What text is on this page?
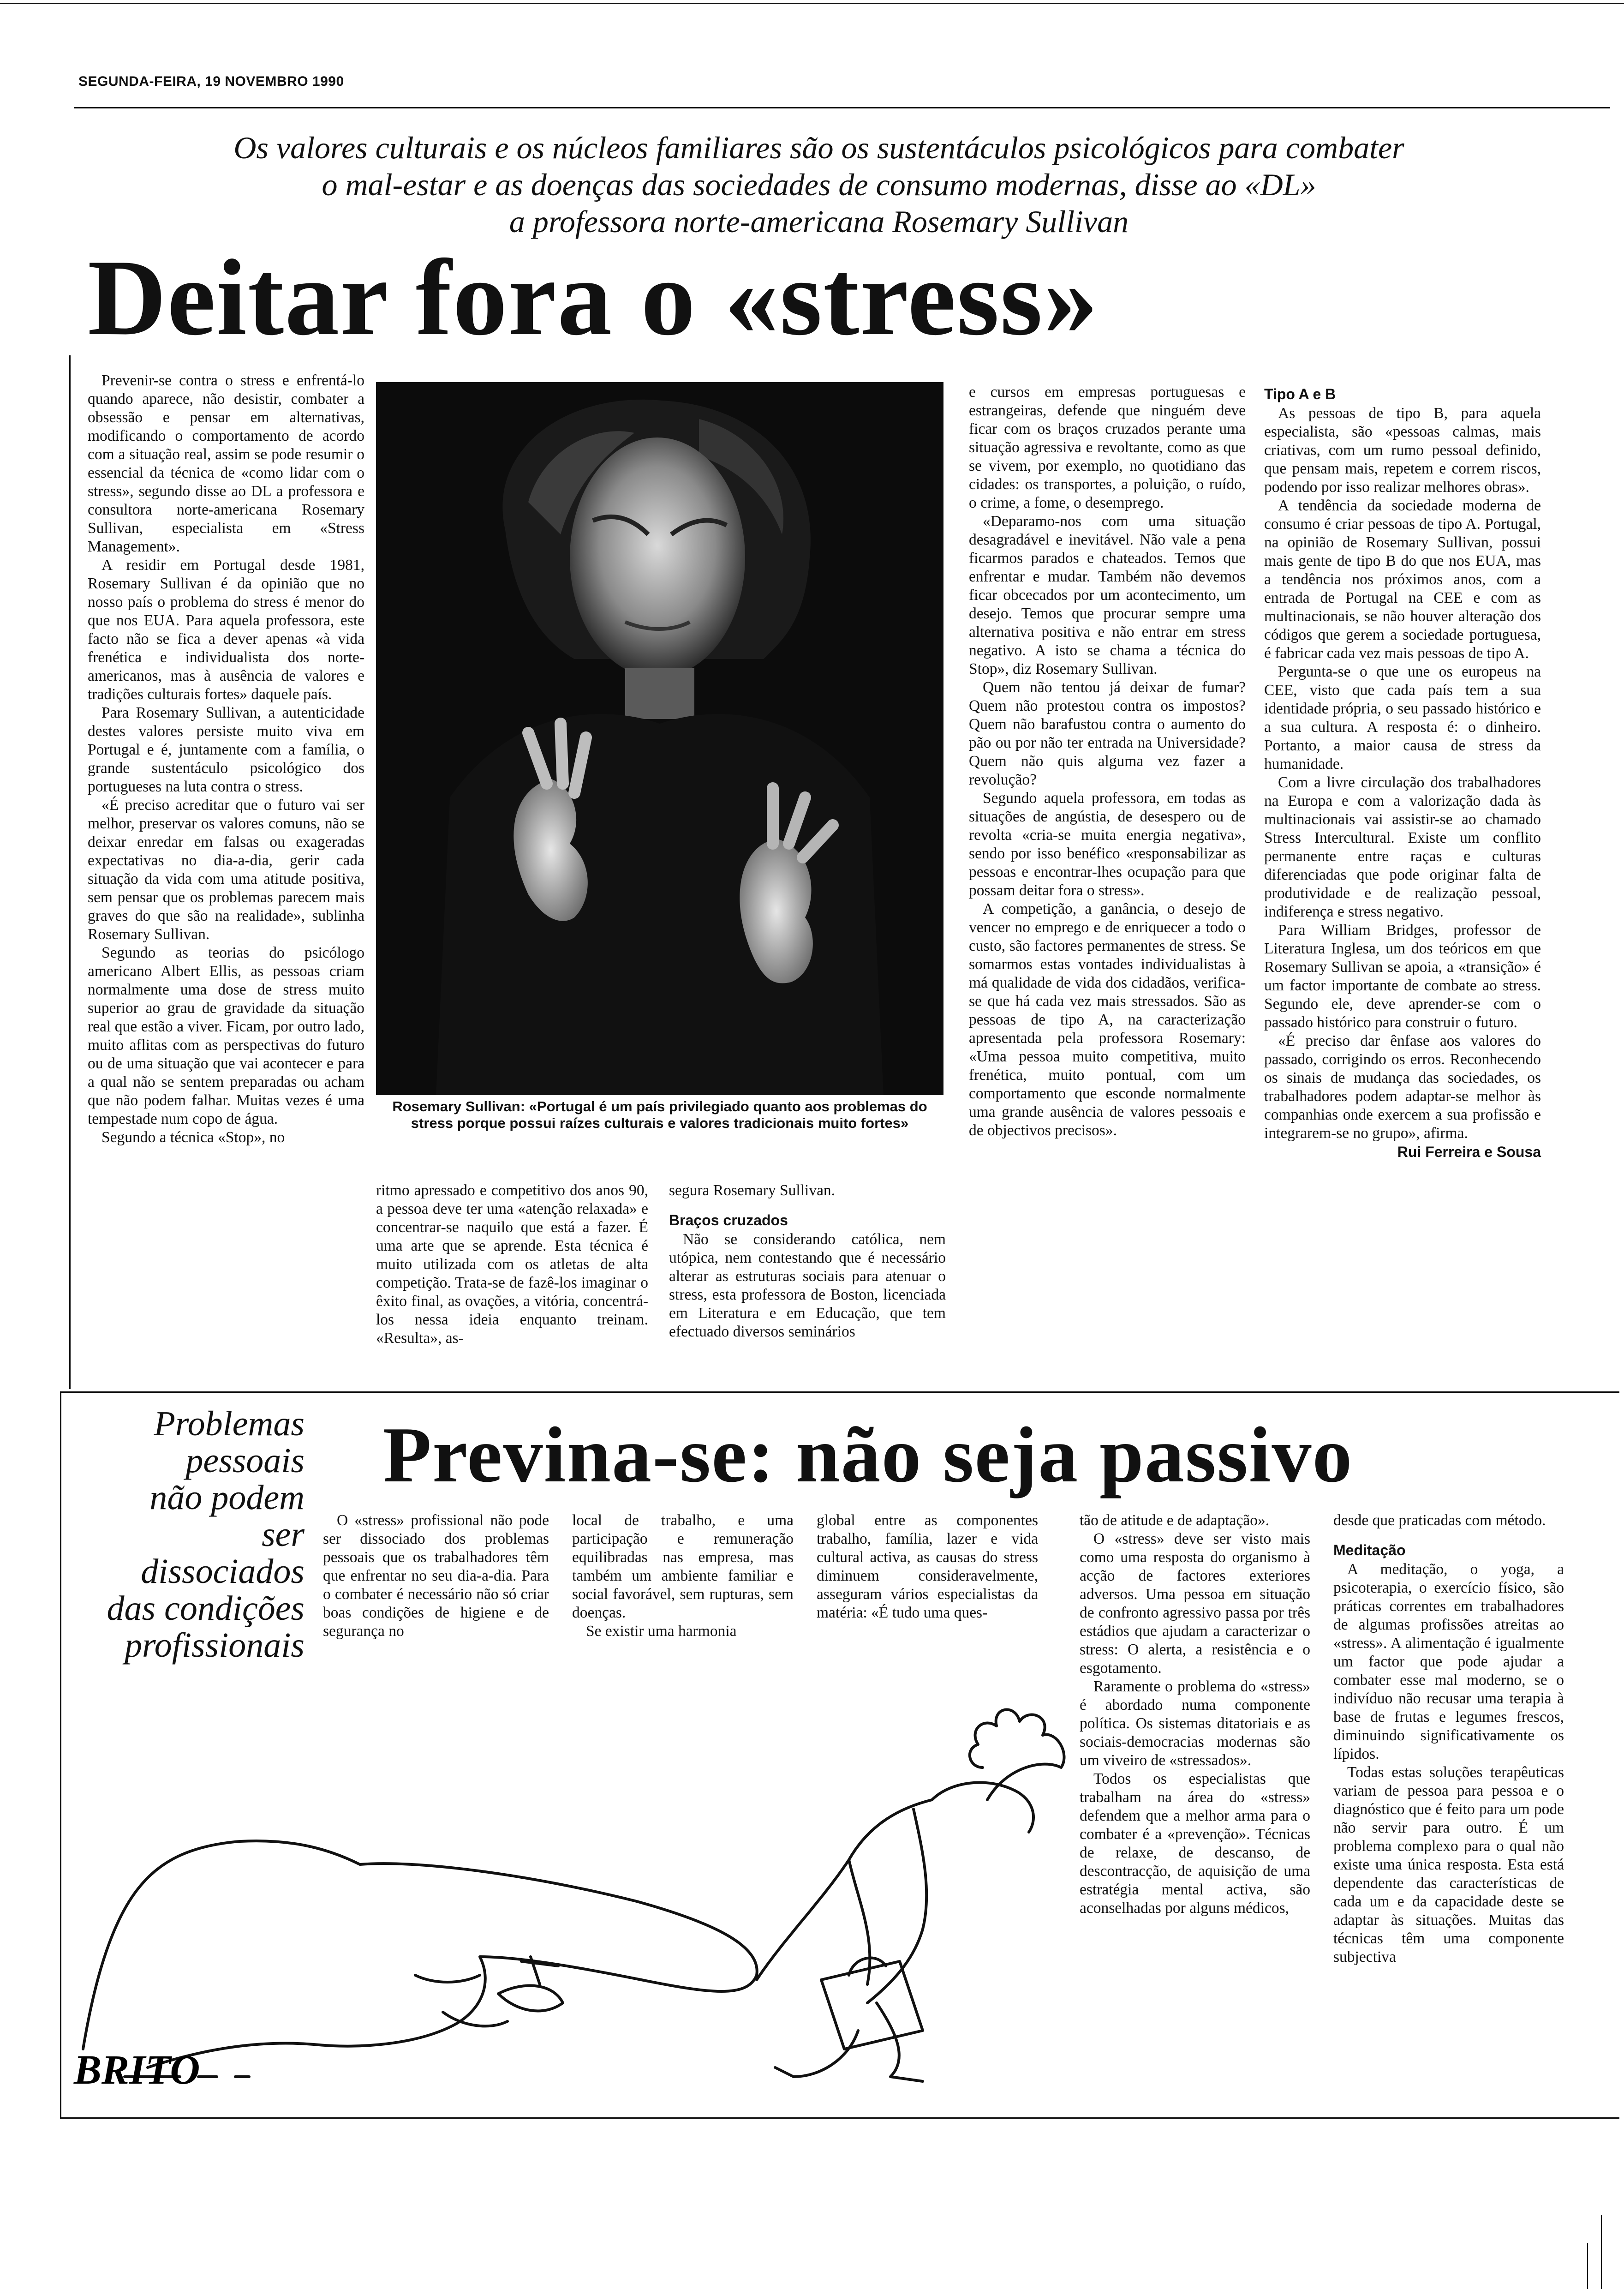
SEGUNDA-FEIRA, 19 NOVEMBRO 1990
Os valores culturais e os núcleos familiares são os sustentáculos psicológicos para combater
o mal-estar e as doenças das sociedades de consumo modernas, disse ao «DL»
a professora norte-americana Rosemary Sullivan
Deitar fora o «stress»

Prevenir-se contra o stress e enfrentá-lo quando aparece, não desistir, combater a obsessão e pensar em alternativas, modificando o comportamento de acordo com a situação real, assim se pode resumir o essencial da técnica de «como lidar com o stress», segundo disse ao DL a professora e consultora norte-americana Rosemary Sullivan, especialista em «Stress Management».

A residir em Portugal desde 1981, Rosemary Sullivan é da opinião que no nosso país o problema do stress é menor do que nos EUA. Para aquela professora, este facto não se fica a dever apenas «à vida frenética e individualista dos norte-americanos, mas à ausência de valores e tradições culturais fortes» daquele país.

Para Rosemary Sullivan, a autenticidade destes valores persiste muito viva em Portugal e é, juntamente com a família, o grande sustentáculo psicológico dos portugueses na luta contra o stress.

«É preciso acreditar que o futuro vai ser melhor, preservar os valores comuns, não se deixar enredar em falsas ou exageradas expectativas no dia-a-dia, gerir cada situação da vida com uma atitude positiva, sem pensar que os problemas parecem mais graves do que são na realidade», sublinha Rosemary Sullivan.

Segundo as teorias do psicólogo americano Albert Ellis, as pessoas criam normalmente uma dose de stress muito superior ao grau de gravidade da situação real que estão a viver. Ficam, por outro lado, muito aflitas com as perspectivas do futuro ou de uma situação que vai acontecer e para a qual não se sentem preparadas ou acham que não podem falhar. Muitas vezes é uma tempestade num copo de água.

Segundo a técnica «Stop», no

Rosemary Sullivan: «Portugal é um país privilegiado quanto aos problemas do stress porque possui raízes culturais e valores tradicionais muito fortes»

ritmo apressado e competitivo dos anos 90, a pessoa deve ter uma «atenção relaxada» e concentrar-se naquilo que está a fazer. É uma arte que se aprende. Esta técnica é muito utilizada com os atletas de alta competição. Trata-se de fazê-los imaginar o êxito final, as ovações, a vitória, concentrá-los nessa ideia enquanto treinam. «Resulta», as-

segura Rosemary Sullivan.

Braços cruzados

Não se considerando católica, nem utópica, nem contestando que é necessário alterar as estruturas sociais para atenuar o stress, esta professora de Boston, licenciada em Literatura e em Educação, que tem efectuado diversos seminários

e cursos em empresas portuguesas e estrangeiras, defende que ninguém deve ficar com os braços cruzados perante uma situação agressiva e revoltante, como as que se vivem, por exemplo, no quotidiano das cidades: os transportes, a poluição, o ruído, o crime, a fome, o desemprego.

«Deparamo-nos com uma situação desagradável e inevitável. Não vale a pena ficarmos parados e chateados. Temos que enfrentar e mudar. Também não devemos ficar obcecados por um acontecimento, um desejo. Temos que procurar sempre uma alternativa positiva e não entrar em stress negativo. A isto se chama a técnica do Stop», diz Rosemary Sullivan.

Quem não tentou já deixar de fumar? Quem não protestou contra os impostos? Quem não barafustou contra o aumento do pão ou por não ter entrada na Universidade? Quem não quis alguma vez fazer a revolução?

Segundo aquela professora, em todas as situações de angústia, de desespero ou de revolta «cria-se muita energia negativa», sendo por isso benéfico «responsabilizar as pessoas e encontrar-lhes ocupação para que possam deitar fora o stress».

A competição, a ganância, o desejo de vencer no emprego e de enriquecer a todo o custo, são factores permanentes de stress. Se somarmos estas vontades individualistas à má qualidade de vida dos cidadãos, verifica-se que há cada vez mais stressados. São as pessoas de tipo A, na caracterização apresentada pela professora Rosemary: «Uma pessoa muito competitiva, muito frenética, muito pontual, com um comportamento que esconde normalmente uma grande ausência de valores pessoais e de objectivos precisos».

Tipo A e B

As pessoas de tipo B, para aquela especialista, são «pessoas calmas, mais criativas, com um rumo pessoal definido, que pensam mais, repetem e correm riscos, podendo por isso realizar melhores obras».

A tendência da sociedade moderna de consumo é criar pessoas de tipo A. Portugal, na opinião de Rosemary Sullivan, possui mais gente de tipo B do que nos EUA, mas a tendência nos próximos anos, com a entrada de Portugal na CEE e com as multinacionais, se não houver alteração dos códigos que gerem a sociedade portuguesa, é fabricar cada vez mais pessoas de tipo A.

Pergunta-se o que une os europeus na CEE, visto que cada país tem a sua identidade própria, o seu passado histórico e a sua cultura. A resposta é: o dinheiro. Portanto, a maior causa de stress da humanidade.

Com a livre circulação dos trabalhadores na Europa e com a valorização dada às multinacionais vai assistir-se ao chamado Stress Intercultural. Existe um conflito permanente entre raças e culturas diferenciadas que pode originar falta de produtividade e de realização pessoal, indiferença e stress negativo.

Para William Bridges, professor de Literatura Inglesa, um dos teóricos em que Rosemary Sullivan se apoia, a «transição» é um factor importante de combate ao stress. Segundo ele, deve aprender-se com o passado histórico para construir o futuro.

«É preciso dar ênfase aos valores do passado, corrigindo os erros. Reconhecendo os sinais de mudança das sociedades, os trabalhadores podem adaptar-se melhor às companhias onde exercem a sua profissão e integrarem-se no grupo», afirma.

Rui Ferreira e Sousa
Problemas
pessoais
não podem
ser
dissociados
das condições
profissionais
Previna-se: não seja passivo

O «stress» profissional não pode ser dissociado dos problemas pessoais que os trabalhadores têm que enfrentar no seu dia-a-dia. Para o combater é necessário não só criar boas condições de higiene e de segurança no

local de trabalho, e uma participação e remuneração equilibradas nas empresa, mas também um ambiente familiar e social favorável, sem rupturas, sem doenças.

Se existir uma harmonia

global entre as componentes trabalho, família, lazer e vida cultural activa, as causas do stress diminuem consideravelmente, asseguram vários especialistas da matéria: «É tudo uma ques-

tão de atitude e de adaptação».

O «stress» deve ser visto mais como uma resposta do organismo à acção de factores exteriores adversos. Uma pessoa em situação de confronto agressivo passa por três estádios que ajudam a caracterizar o stress: O alerta, a resistência e o esgotamento.

Raramente o problema do «stress» é abordado numa componente política. Os sistemas ditatoriais e as sociais-democracias modernas são um viveiro de «stressados».

Todos os especialistas que trabalham na área do «stress» defendem que a melhor arma para o combater é a «prevenção». Técnicas de relaxe, de descanso, de descontracção, de aquisição de uma estratégia mental activa, são aconselhadas por alguns médicos,

desde que praticadas com método.

Meditação

A meditação, o yoga, a psicoterapia, o exercício físico, são práticas correntes em trabalhadores de algumas profissões atreitas ao «stress». A alimentação é igualmente um factor que pode ajudar a combater esse mal moderno, se o indivíduo não recusar uma terapia à base de frutas e legumes frescos, diminuindo significativamente os lípidos.

Todas estas soluções terapêuticas variam de pessoa para pessoa e o diagnóstico que é feito para um pode não servir para outro. É um problema complexo para o qual não existe uma única resposta. Esta está dependente das características de cada um e da capacidade deste se adaptar às situações. Muitas das técnicas têm uma componente subjectiva

BRITO
